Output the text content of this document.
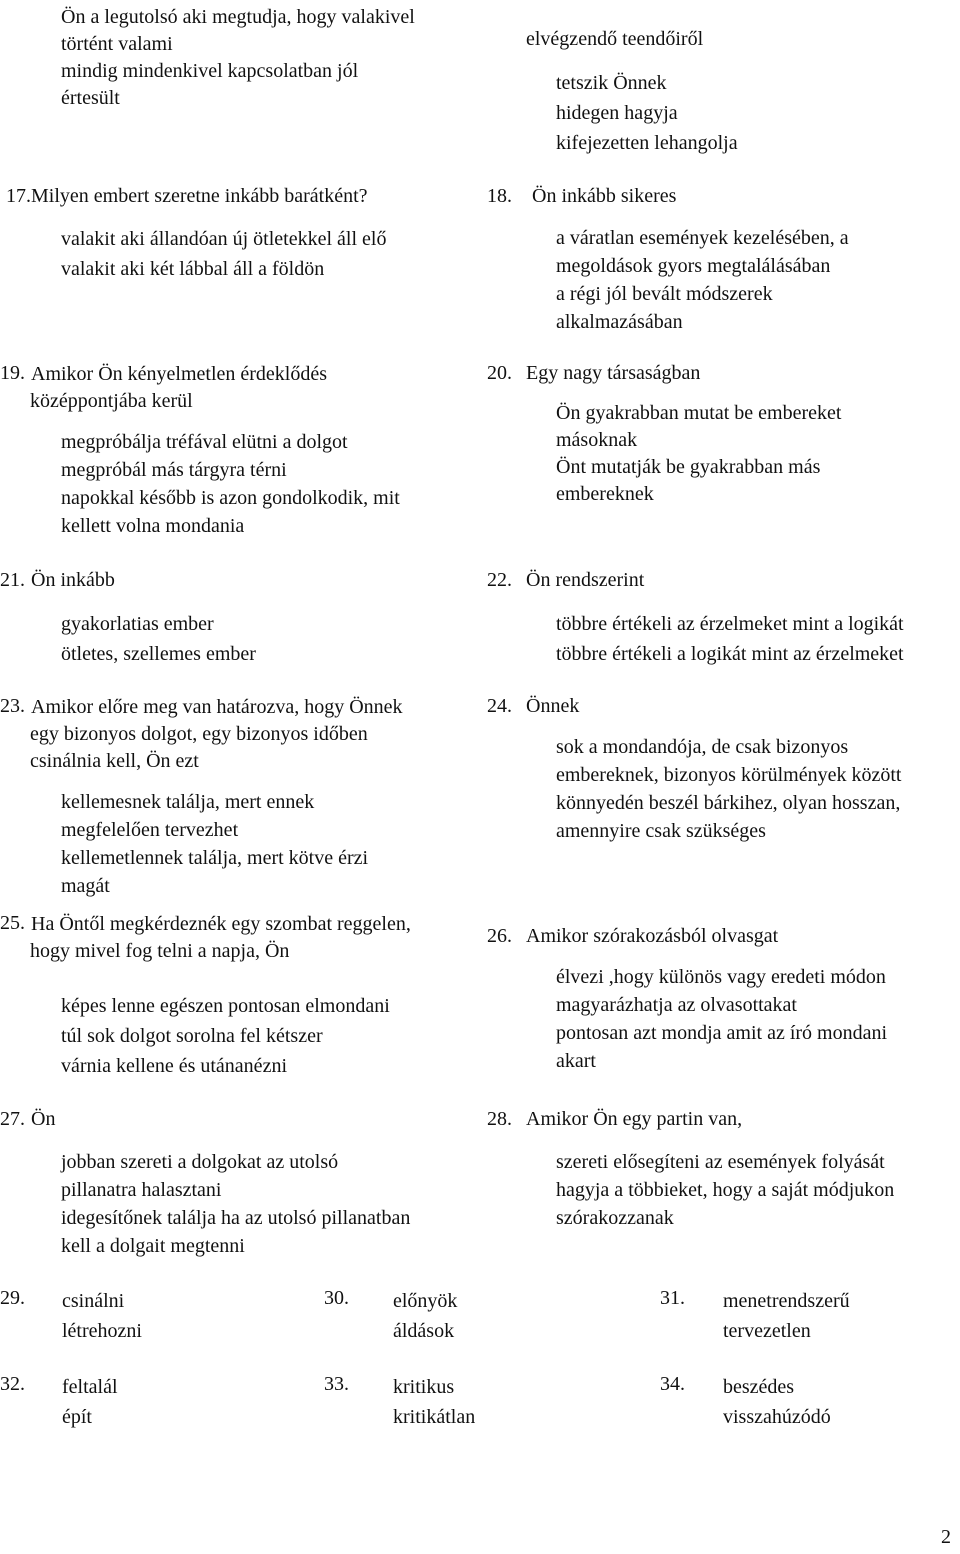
Ön a legutolsó aki megtudja, hogy valakivel
történt valami
mindig mindenkivel kapcsolatban jól
értesült
elvégzendő teendőiről
tetszik Önnek
hidegen hagyja
kifejezetten lehangolja
17. Milyen embert szeretne inkább barátként?
valakit aki állandóan új ötletekkel áll elő
valakit aki két lábbal áll a földön
18. Ön inkább sikeres
a váratlan események kezelésében, a
megoldások gyors megtalálásában
a régi jól bevált módszerek
alkalmazásában
19. Amikor Ön kényelmetlen érdeklődés
középpontjába kerül
megpróbálja tréfával elütni a dolgot
megpróbál más tárgyra térni
napokkal később is azon gondolkodik, mit
kellett volna mondania
20. Egy nagy társaságban
Ön gyakrabban mutat be embereket
másoknak
Önt mutatják be gyakrabban más
embereknek
21. Ön inkább
gyakorlatias ember
ötletes, szellemes ember
22. Ön rendszerint
többre értékeli az érzelmeket mint a logikát
többre értékeli a logikát mint az érzelmeket
23. Amikor előre meg van határozva, hogy Önnek
egy bizonyos dolgot, egy bizonyos időben
csinálnia kell, Ön ezt
kellemesnek találja, mert ennek
megfelelően tervezhet
kellemetlennek találja, mert kötve érzi
magát
24. Önnek
sok a mondandója, de csak bizonyos
embereknek, bizonyos körülmények között
könnyedén beszél bárkihez, olyan hosszan,
amennyire csak szükséges
25. Ha Öntől megkérdeznék egy szombat reggelen,
hogy mivel fog telni a napja, Ön
képes lenne egészen pontosan elmondani
túl sok dolgot sorolna fel kétszer
várnia kellene és utánanézni
26. Amikor szórakozásból olvasgat
élvezi ,hogy különös vagy eredeti módon
magyarázhatja az olvasottakat
pontosan azt mondja amit az író mondani
akart
27. Ön
jobban szereti a dolgokat az utolsó
pillanatra halasztani
idegesítőnek találja ha az utolsó pillanatban
kell a dolgait megtenni
28. Amikor Ön egy partin van,
szereti elősegíteni az események folyását
hagyja a többieket, hogy a saját módjukon
szórakozzanak
29. csinálni
létrehozni
30. előnyök
áldások
31. menetrendszerű
tervezetlen
32. feltalál
épít
33. kritikus
kritikátlan
34. beszédes
visszahúzódó
2
